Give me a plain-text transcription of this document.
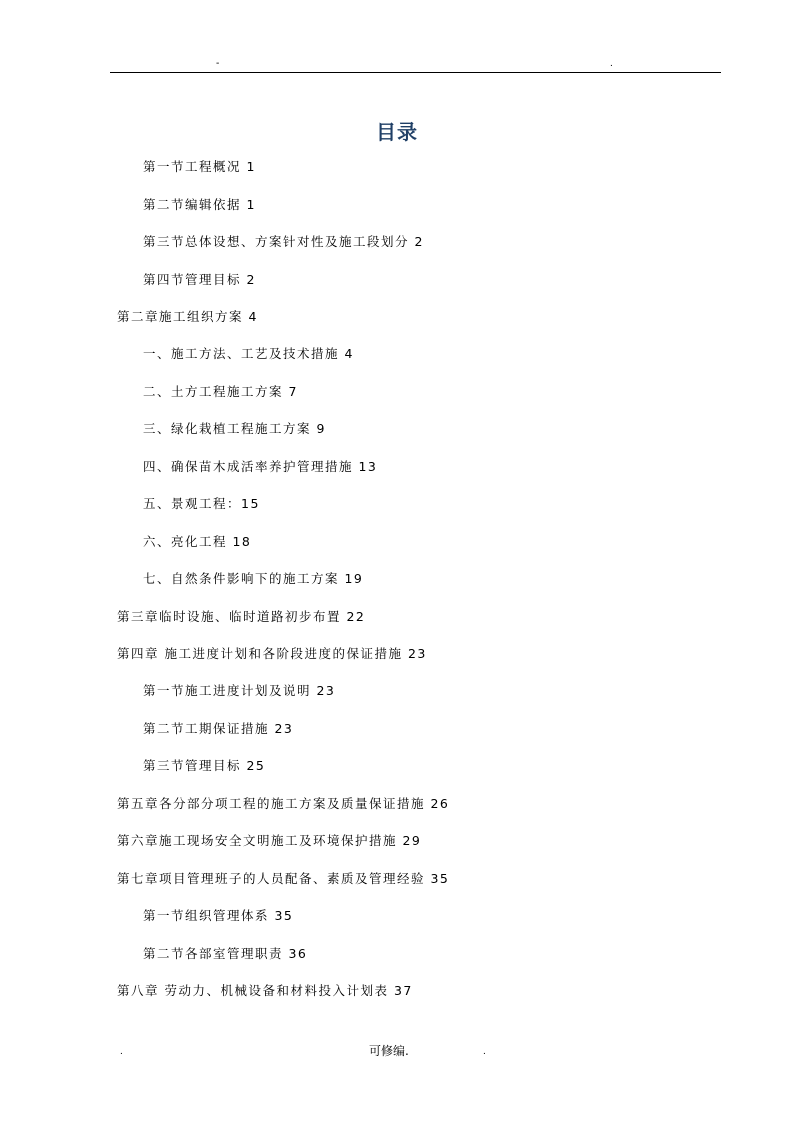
-	.
目录
第一节工程概况 1
第二节编辑依据 1
第三节总体设想、方案针对性及施工段划分 2
第四节管理目标 2
第二章施工组织方案 4
一、施工方法、工艺及技术措施 4
二、土方工程施工方案 7
三、绿化栽植工程施工方案 9
四、确保苗木成活率养护管理措施 13
五、景观工程：15
六、亮化工程 18
七、自然条件影响下的施工方案 19
第三章临时设施、临时道路初步布置 22
第四章 施工进度计划和各阶段进度的保证措施 23
第一节施工进度计划及说明 23
第二节工期保证措施 23
第三节管理目标 25
第五章各分部分项工程的施工方案及质量保证措施 26
第六章施工现场安全文明施工及环境保护措施 29
第七章项目管理班子的人员配备、素质及管理经验 35
第一节组织管理体系 35
第二节各部室管理职责 36
第八章 劳动力、机械设备和材料投入计划表 37
.	可修编.	.
